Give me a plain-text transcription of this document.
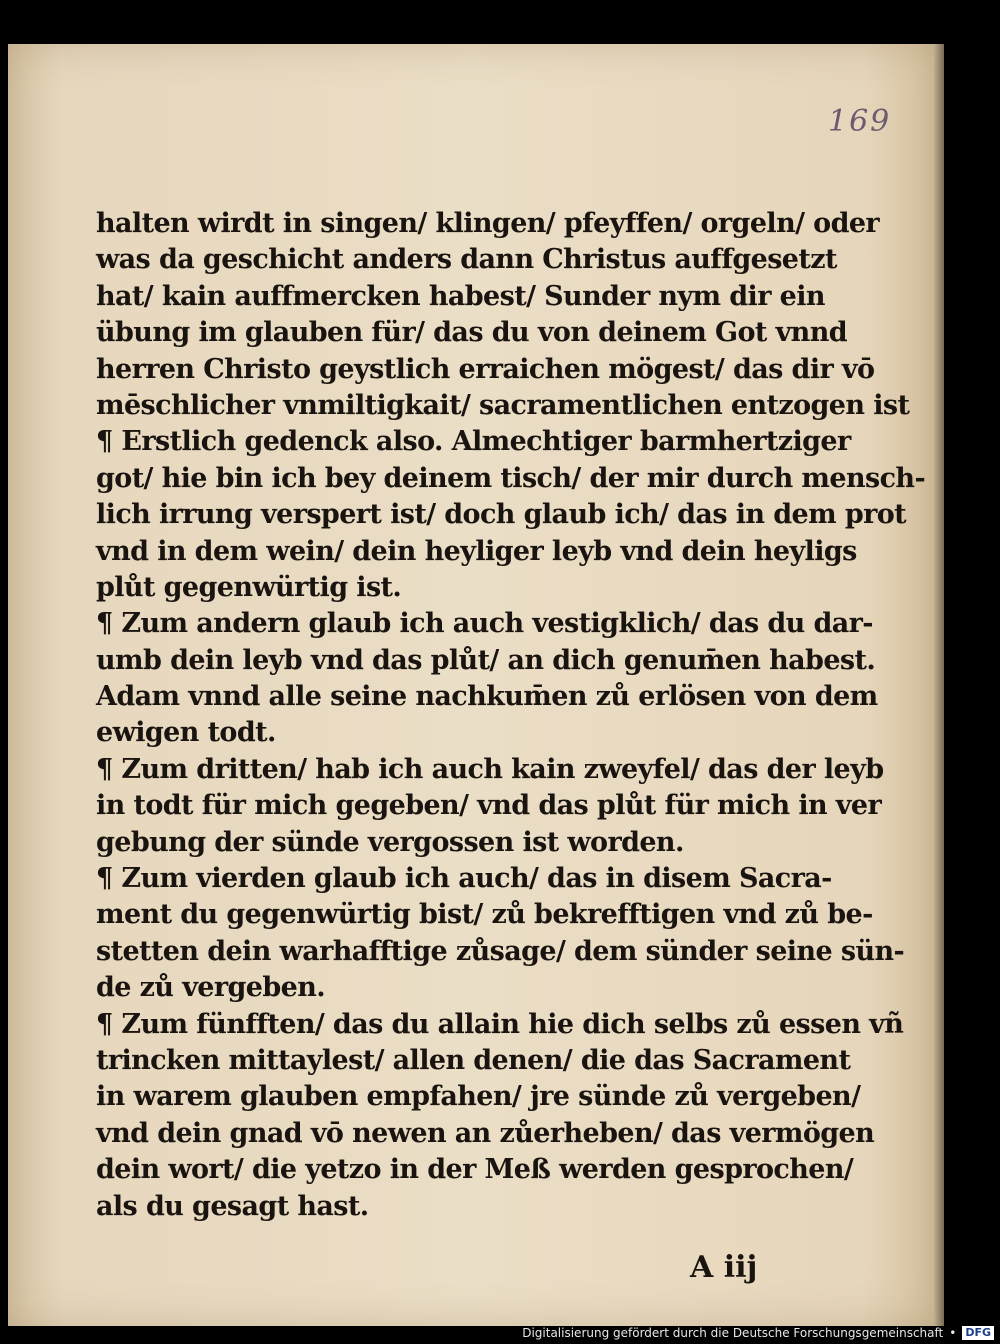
169
halten wirdt in singen/ klingen/ pfeyffen/ orgeln/ oder
was da geschicht anders dann Christus auffgesetzt
hat/ kain auffmercken habest/ Sunder nym dir ein
übung im glauben für/ das du von deinem Got vnnd
herren Christo geystlich erraichen mögest/ das dir vō
mēschlicher vnmiltigkait/ sacramentlichen entzogen ist
¶ Erstlich gedenck also. Almechtiger barmhertziger
got/ hie bin ich bey deinem tisch/ der mir durch mensch-
lich irrung verspert ist/ doch glaub ich/ das in dem prot
vnd in dem wein/ dein heyliger leyb vnd dein heyligs
plůt gegenwürtig ist.
¶ Zum andern glaub ich auch vestigklich/ das du dar-
umb dein leyb vnd das plůt/ an dich genum̄en habest.
Adam vnnd alle seine nachkum̄en zů erlösen von dem
ewigen todt.
¶ Zum dritten/ hab ich auch kain zweyfel/ das der leyb
in todt für mich gegeben/ vnd das plůt für mich in ver
gebung der sünde vergossen ist worden.
¶ Zum vierden glaub ich auch/ das in disem Sacra-
ment du gegenwürtig bist/ zů bekrefftigen vnd zů be-
stetten dein warhafftige zůsage/ dem sünder seine sün-
de zů vergeben.
¶ Zum fünfften/ das du allain hie dich selbs zů essen vñ
trincken mittaylest/ allen denen/ die das Sacrament
in warem glauben empfahen/ jre sünde zů vergeben/
vnd dein gnad vō newen an zůerheben/ das vermögen
dein wort/ die yetzo in der Meß werden gesprochen/
als du gesagt hast.
A iij
Digitalisierung gefördert durch die Deutsche Forschungsgemeinschaft • DFG
